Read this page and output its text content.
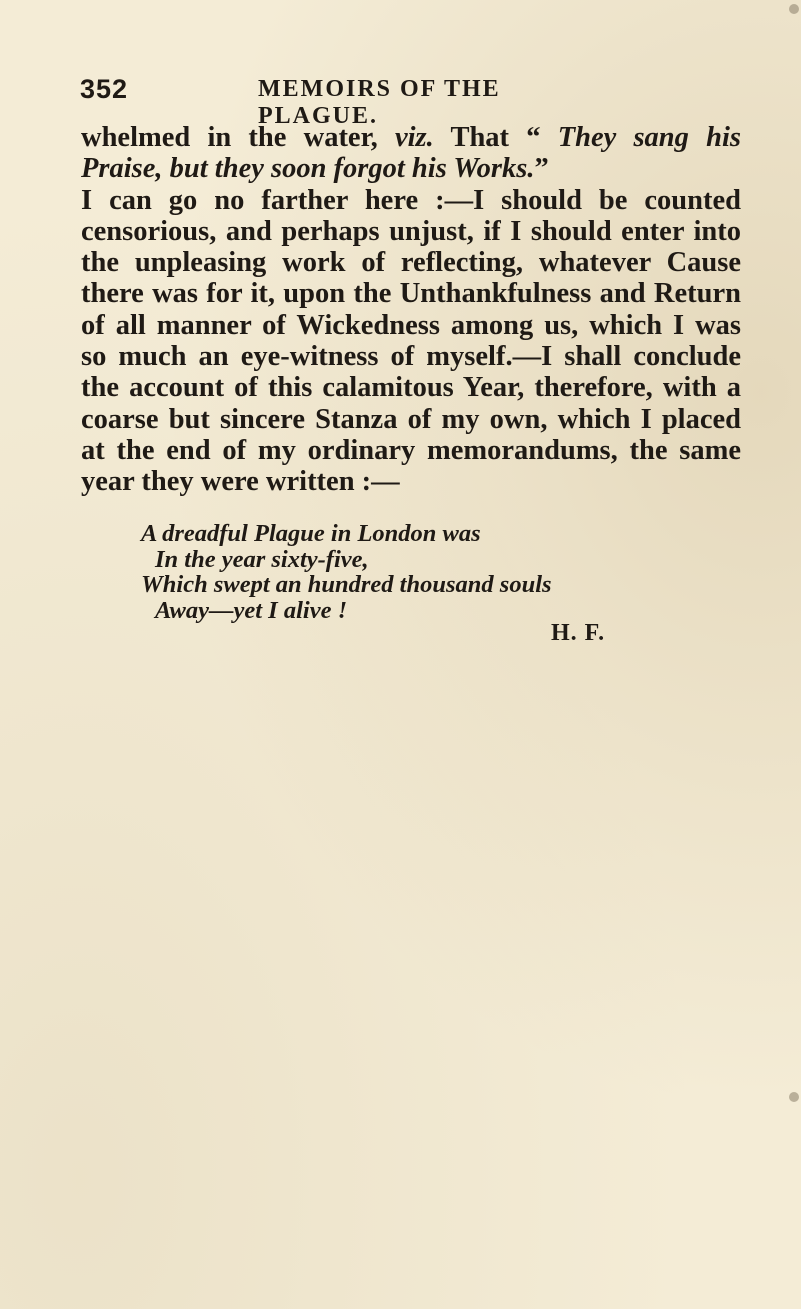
352	MEMOIRS OF THE PLAGUE.
whelmed in the water, viz. That “ They sang his
Praise, but they soon forgot his Works.”
I can go no farther here :—I should be counted
censorious, and perhaps unjust, if I should enter into
the unpleasing work of reflecting, whatever Cause
there was for it, upon the Unthankfulness and Return
of all manner of Wickedness among us, which I was
so much an eye-witness of myself.—I shall conclude
the account of this calamitous Year, therefore, with a
coarse but sincere Stanza of my own, which I placed
at the end of my ordinary memorandums, the same
year they were written :—
A dreadful Plague in London was
In the year sixty-five,
Which swept an hundred thousand souls
Away—yet I alive !
H. F.
